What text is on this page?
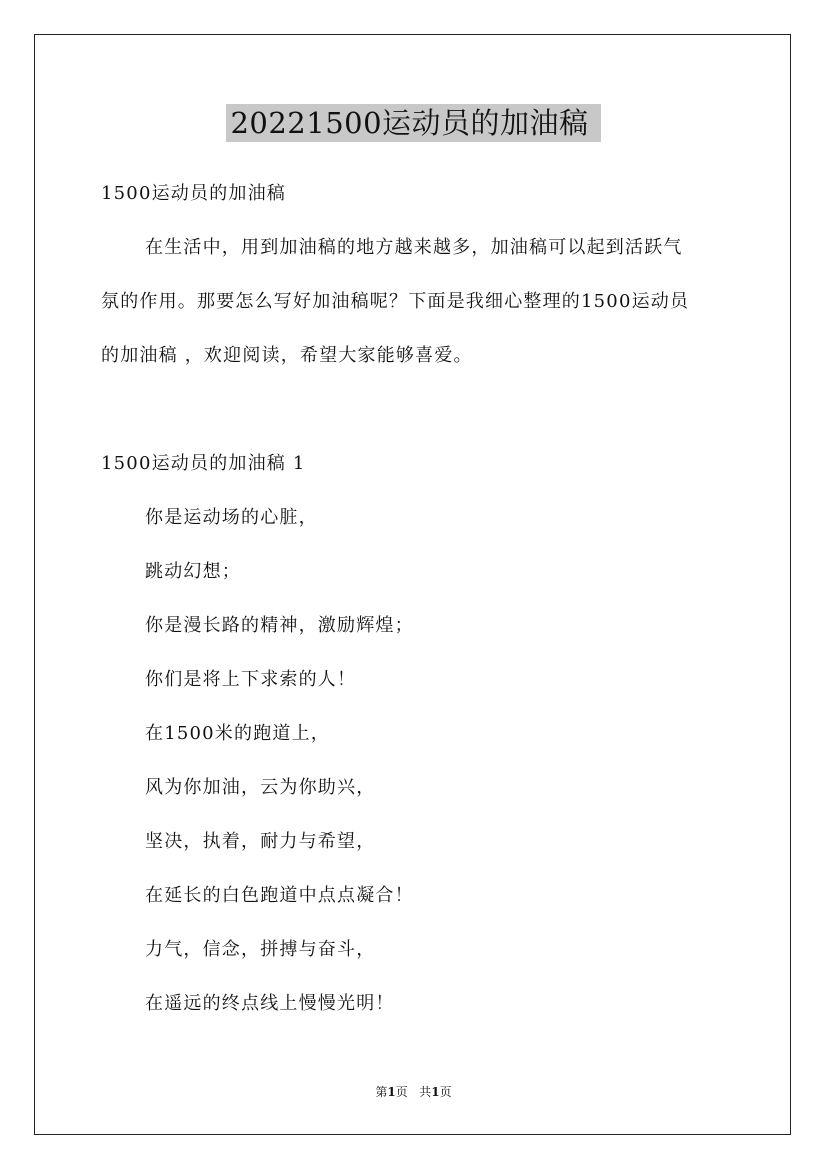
20221500运动员的加油稿
1500运动员的加油稿
在生活中，用到加油稿的地方越来越多，加油稿可以起到活跃气
氛的作用。那要怎么写好加油稿呢？下面是我细心整理的1500运动员
的加油稿 ，欢迎阅读，希望大家能够喜爱。
1500运动员的加油稿 1
你是运动场的心脏，
跳动幻想；
你是漫长路的精神，激励辉煌；
你们是将上下求索的人！
在1500米的跑道上，
风为你加油，云为你助兴，
坚决，执着，耐力与希望，
在延长的白色跑道中点点凝合！
力气，信念，拼搏与奋斗，
在遥远的终点线上慢慢光明！
第1页 共1页
